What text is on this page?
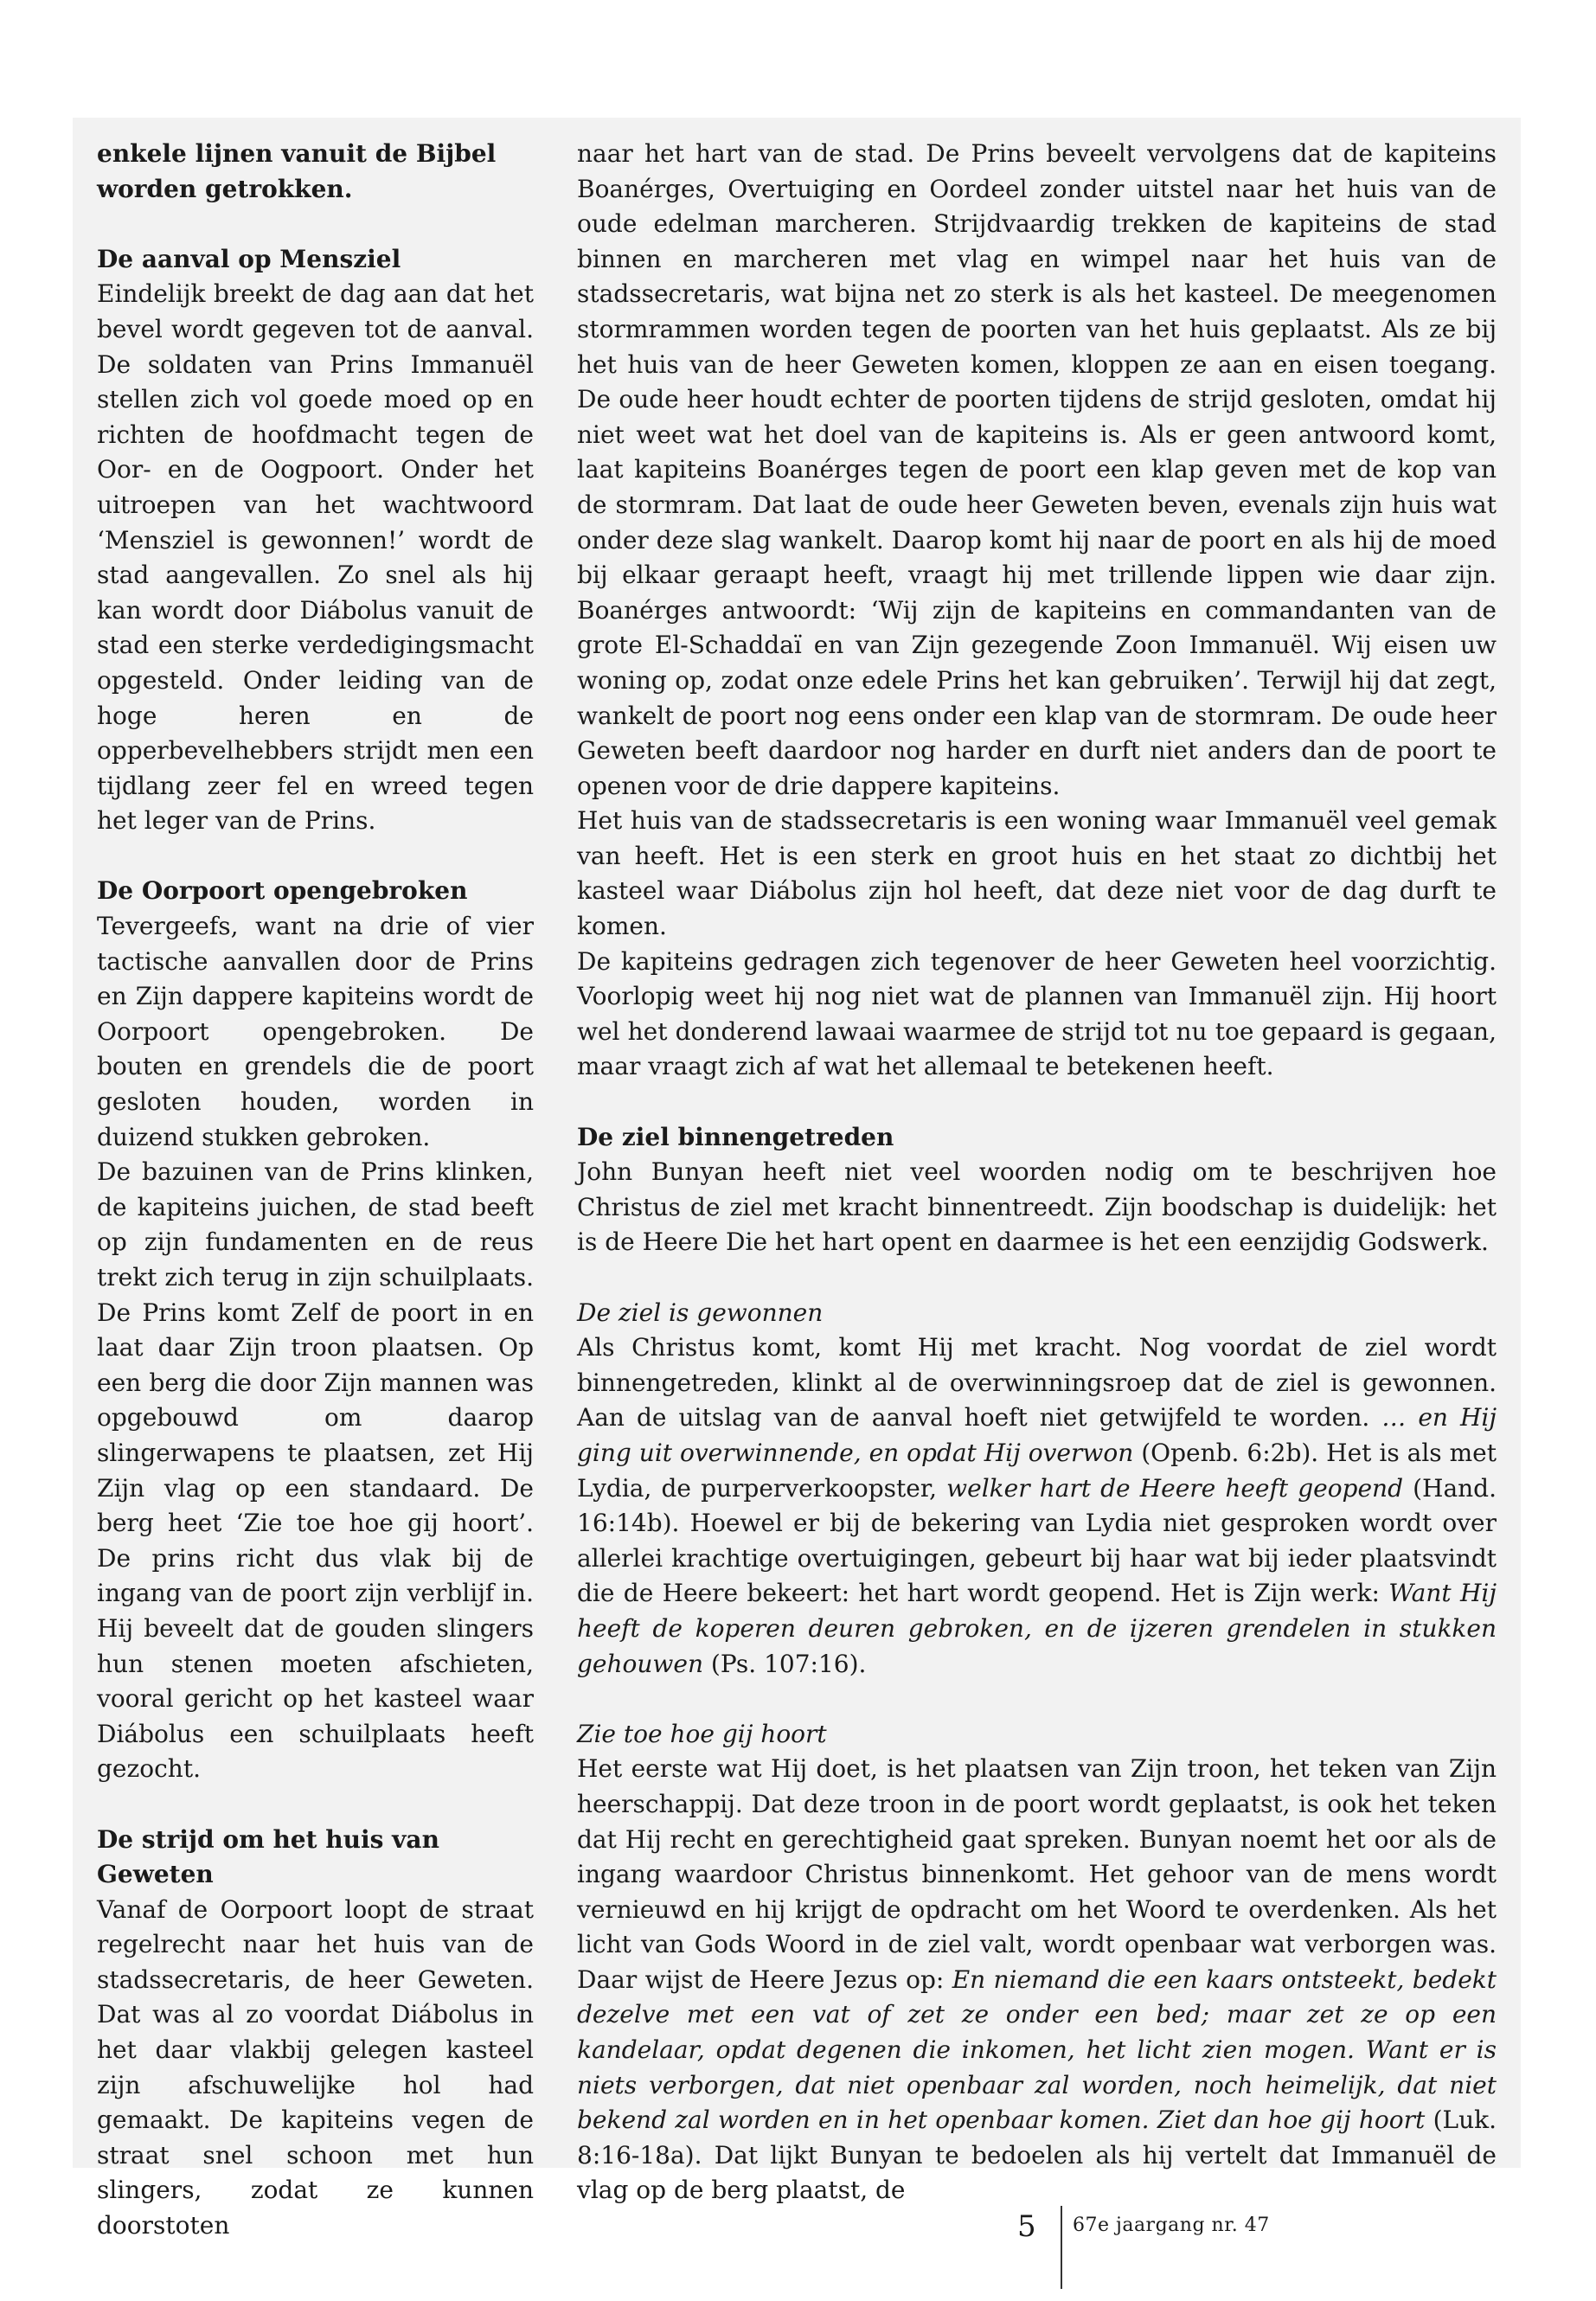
enkele lijnen vanuit de Bijbel worden getrokken.

De aanval op Mensziel

Eindelijk breekt de dag aan dat het bevel wordt gegeven tot de aanval. De soldaten van Prins Immanuël stellen zich vol goede moed op en richten de hoofdmacht tegen de Oor- en de Oogpoort. Onder het uitroepen van het wachtwoord ‘Mensziel is gewonnen!’ wordt de stad aangevallen. Zo snel als hij kan wordt door Diábolus vanuit de stad een sterke verdedigingsmacht opgesteld. Onder leiding van de hoge heren en de opperbevelhebbers strijdt men een tijdlang zeer fel en wreed tegen het leger van de Prins.

De Oorpoort opengebroken

Tevergeefs, want na drie of vier tactische aanvallen door de Prins en Zijn dappere kapiteins wordt de Oorpoort opengebroken. De bouten en grendels die de poort gesloten houden, worden in duizend stukken gebroken.

De bazuinen van de Prins klinken, de kapiteins juichen, de stad beeft op zijn fundamenten en de reus trekt zich terug in zijn schuilplaats. De Prins komt Zelf de poort in en laat daar Zijn troon plaatsen. Op een berg die door Zijn mannen was opgebouwd om daarop slingerwapens te plaatsen, zet Hij Zijn vlag op een standaard. De berg heet ‘Zie toe hoe gij hoort’. De prins richt dus vlak bij de ingang van de poort zijn verblijf in. Hij beveelt dat de gouden slingers hun stenen moeten afschieten, vooral gericht op het kasteel waar Diábolus een schuilplaats heeft gezocht.

De strijd om het huis van Geweten

Vanaf de Oorpoort loopt de straat regelrecht naar het huis van de stadssecretaris, de heer Geweten. Dat was al zo voordat Diábolus in het daar vlakbij gelegen kasteel zijn afschuwelijke hol had gemaakt. De kapiteins vegen de straat snel schoon met hun slingers, zodat ze kunnen doorstoten

naar het hart van de stad. De Prins beveelt vervolgens dat de kapiteins Boanérges, Overtuiging en Oordeel zonder uitstel naar het huis van de oude edelman marcheren. Strijdvaardig trekken de kapiteins de stad binnen en marcheren met vlag en wimpel naar het huis van de stadssecretaris, wat bijna net zo sterk is als het kasteel. De meegenomen stormrammen worden tegen de poorten van het huis geplaatst. Als ze bij het huis van de heer Geweten komen, kloppen ze aan en eisen toegang. De oude heer houdt echter de poorten tijdens de strijd gesloten, omdat hij niet weet wat het doel van de kapiteins is. Als er geen antwoord komt, laat kapiteins Boanérges tegen de poort een klap geven met de kop van de stormram. Dat laat de oude heer Geweten beven, evenals zijn huis wat onder deze slag wankelt. Daarop komt hij naar de poort en als hij de moed bij elkaar geraapt heeft, vraagt hij met trillende lippen wie daar zijn. Boanérges antwoordt: ‘Wij zijn de kapiteins en commandanten van de grote El-Schaddaï en van Zijn gezegende Zoon Immanuël. Wij eisen uw woning op, zodat onze edele Prins het kan gebruiken’. Terwijl hij dat zegt, wankelt de poort nog eens onder een klap van de stormram. De oude heer Geweten beeft daardoor nog harder en durft niet anders dan de poort te openen voor de drie dappere kapiteins.

Het huis van de stadssecretaris is een woning waar Immanuël veel gemak van heeft. Het is een sterk en groot huis en het staat zo dichtbij het kasteel waar Diábolus zijn hol heeft, dat deze niet voor de dag durft te komen.

De kapiteins gedragen zich tegenover de heer Geweten heel voorzichtig. Voorlopig weet hij nog niet wat de plannen van Immanuël zijn. Hij hoort wel het donderend lawaai waarmee de strijd tot nu toe gepaard is gegaan, maar vraagt zich af wat het allemaal te betekenen heeft.

De ziel binnengetreden

John Bunyan heeft niet veel woorden nodig om te beschrijven hoe Christus de ziel met kracht binnentreedt. Zijn boodschap is duidelijk: het is de Heere Die het hart opent en daarmee is het een eenzijdig Godswerk.

De ziel is gewonnen

Als Christus komt, komt Hij met kracht. Nog voordat de ziel wordt binnengetreden, klinkt al de overwinningsroep dat de ziel is gewonnen. Aan de uitslag van de aanval hoeft niet getwijfeld te worden. … en Hij ging uit overwinnende, en opdat Hij overwon (Openb. 6:2b). Het is als met Lydia, de purperverkoopster, welker hart de Heere heeft geopend (Hand. 16:14b). Hoewel er bij de bekering van Lydia niet gesproken wordt over allerlei krachtige overtuigingen, gebeurt bij haar wat bij ieder plaatsvindt die de Heere bekeert: het hart wordt geopend. Het is Zijn werk: Want Hij heeft de koperen deuren gebroken, en de ijzeren grendelen in stukken gehouwen (Ps. 107:16).

Zie toe hoe gij hoort

Het eerste wat Hij doet, is het plaatsen van Zijn troon, het teken van Zijn heerschappij. Dat deze troon in de poort wordt geplaatst, is ook het teken dat Hij recht en gerechtigheid gaat spreken. Bunyan noemt het oor als de ingang waardoor Christus binnenkomt. Het gehoor van de mens wordt vernieuwd en hij krijgt de opdracht om het Woord te overdenken. Als het licht van Gods Woord in de ziel valt, wordt openbaar wat verborgen was. Daar wijst de Heere Jezus op: En niemand die een kaars ontsteekt, bedekt dezelve met een vat of zet ze onder een bed; maar zet ze op een kandelaar, opdat degenen die inkomen, het licht zien mogen. Want er is niets verborgen, dat niet openbaar zal worden, noch heimelijk, dat niet bekend zal worden en in het openbaar komen. Ziet dan hoe gij hoort (Luk. 8:16-18a). Dat lijkt Bunyan te bedoelen als hij vertelt dat Immanuël de vlag op de berg plaatst, de

5 67e jaargang nr. 47
